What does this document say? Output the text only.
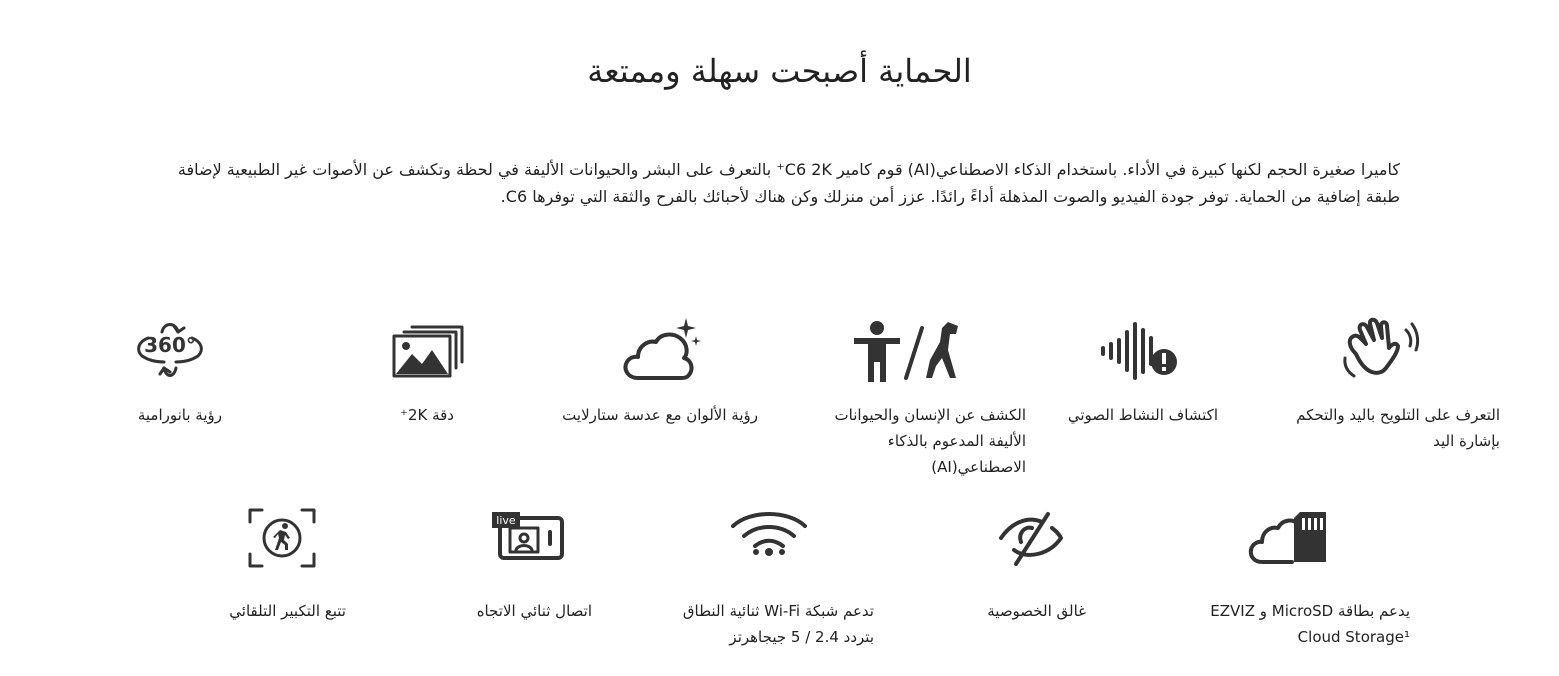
الحماية أصبحت سهلة وممتعة

كاميرا صغيرة الحجم لكنها كبيرة في الأداء. باستخدام الذكاء الاصطناعي(AI) قوم كامير C6 2K⁺ بالتعرف على البشر والحيوانات الأليفة في لحظة وتكشف عن الأصوات غير الطبيعية لإضافة طبقة إضافية من الحماية. توفر جودة الفيديو والصوت المذهلة أداءً رائدًا. عزز أمن منزلك وكن هناك لأحبائك بالفرح والثقة التي توفرها C6.

التعرف على التلويح باليد والتحكم بإشارة اليد
اكتشاف النشاط الصوتي
الكشف عن الإنسان والحيوانات الأليفة المدعوم بالذكاء الاصطناعي(AI)
رؤية الألوان مع عدسة ستارلايت
دقة 2K⁺
360°
رؤية بانورامية
يدعم بطاقة MicroSD و EZVIZ Cloud Storage¹
غالق الخصوصية
تدعم شبكة Wi-Fi ثنائية النطاق بتردد 2.4 / 5 جيجاهرتز
live
اتصال ثنائي الاتجاه
تتبع التكبير التلقائي
